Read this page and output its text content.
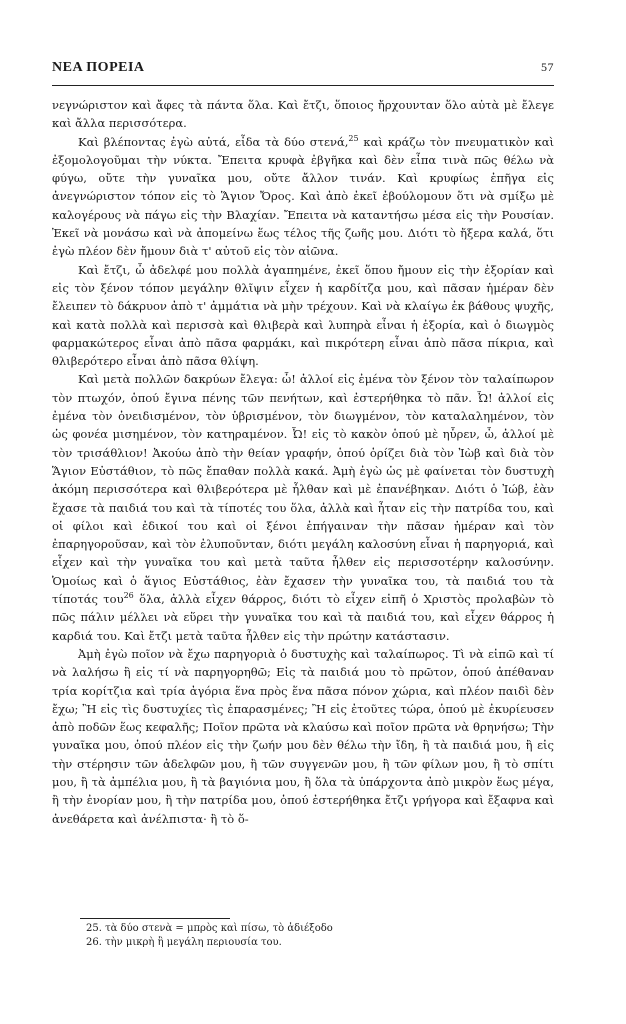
ΝΕΑ ΠΟΡΕΙΑ	57

νεγνώριστον καὶ ἄφες τὰ πάντα ὅλα. Καὶ ἔτζι, ὅποιος ἤρχουνταν ὅλο αὐτὰ μὲ ἔλεγε καὶ ἄλλα περισσότερα.

Καὶ βλέποντας ἐγὼ αὐτά, εἶδα τὰ δύο στενά,$^{25}$ καὶ κράζω τὸν πνευματικὸν καὶ ἐξομολογοῦμαι τὴν νύκτα. Ἔπειτα κρυφὰ ἐβγῆκα καὶ δὲν εἶπα τινὰ πῶς θέλω νὰ φύγω, οὔτε τὴν γυναῖκα μου, οὔτε ἄλλον τινάν. Καὶ κρυφίως ἐπῆγα εἰς ἀνεγνώριστον τόπον εἰς τὸ Ἅγιον Ὄρος. Καὶ ἀπὸ ἐκεῖ ἐβούλομουν ὅτι νὰ σμίξω μὲ καλογέρους νὰ πάγω εἰς τὴν Βλαχίαν. Ἔπειτα νὰ καταντήσω μέσα εἰς τὴν Ρουσίαν. Ἐκεῖ νὰ μονάσω καὶ νὰ ἀπομείνω ἕως τέλος τῆς ζωῆς μου. Διότι τὸ ἤξερα καλά, ὅτι ἐγὼ πλέον δὲν ἤμουν διὰ τ' αὐτοῦ εἰς τὸν αἰῶνα.

Καὶ ἔτζι, ὦ ἀδελφέ μου πολλὰ ἀγαπημένε, ἐκεῖ ὅπου ἤμουν εἰς τὴν ἐξορίαν καὶ εἰς τὸν ξένον τόπον μεγάλην θλῖψιν εἶχεν ἡ καρδίτζα μου, καὶ πᾶσαν ἡμέραν δὲν ἔλειπεν τὸ δάκρυον ἀπὸ τ' ἀμμάτια νὰ μὴν τρέχουν. Καὶ νὰ κλαίγω ἐκ βάθους ψυχῆς, καὶ κατὰ πολλὰ καὶ περισσὰ καὶ θλιβερὰ καὶ λυπηρὰ εἶναι ἡ ἐξορία, καὶ ὁ διωγμὸς φαρμακώτερος εἶναι ἀπὸ πᾶσα φαρμάκι, καὶ πικρότερη εἶναι ἀπὸ πᾶσα πίκρια, καὶ θλιβερότερο εἶναι ἀπὸ πᾶσα θλίψη.

Καὶ μετὰ πολλῶν δακρύων ἔλεγα: ὦ! ἀλλοί εἰς ἐμένα τὸν ξένον τὸν ταλαίπωρον τὸν πτωχόν, ὁπού ἔγινα πένης τῶν πενήτων, καὶ ἐστερήθηκα τὸ πᾶν. Ὦ! ἀλλοί εἰς ἐμένα τὸν ὀνειδισμένον, τὸν ὑβρισμένον, τὸν διωγμένον, τὸν καταλαλημένον, τὸν ὡς φονέα μισημένον, τὸν κατηραμένον. Ὦ! εἰς τὸ κακὸν ὁπού μὲ ηὗρεν, ὦ, ἀλλοί μὲ τὸν τρισάθλιον! Ἀκούω ἀπὸ τὴν θείαν γραφήν, ὁπού ὁρίζει διὰ τὸν Ἰὼβ καὶ διὰ τὸν Ἅγιον Εὐστάθιον, τὸ πῶς ἔπαθαν πολλὰ κακά. Ἀμὴ ἐγὼ ὡς μὲ φαίνεται τὸν δυστυχὴ ἀκόμη περισσότερα καὶ θλιβερότερα μὲ ἦλθαν καὶ μὲ ἐπανέβηκαν. Διότι ὁ Ἰώβ, ἐὰν ἔχασε τὰ παιδιά του καὶ τὰ τίποτές του ὅλα, ἀλλὰ καὶ ἦταν εἰς τὴν πατρίδα του, καὶ οἱ φίλοι καὶ ἐδικοί του καὶ οἱ ξένοι ἐπήγαιναν τὴν πᾶσαν ἡμέραν καὶ τὸν ἐπαρηγοροῦσαν, καὶ τὸν ἐλυποῦνταν, διότι μεγάλη καλοσύνη εἶναι ἡ παρηγοριά, καὶ εἶχεν καὶ τὴν γυναῖκα του καὶ μετὰ ταῦτα ἦλθεν εἰς περισσοτέρην καλοσύνην. Ὁμοίως καὶ ὁ ἅγιος Εὐστάθιος, ἐὰν ἔχασεν τὴν γυναῖκα του, τὰ παιδιά του τὰ τίποτάς του$^{26}$ ὅλα, ἀλλὰ εἶχεν θάρρος, διότι τὸ εἶχεν εἰπῆ ὁ Χριστὸς προλαβὼν τὸ πῶς πάλιν μέλλει νὰ εὕρει τὴν γυναῖκα του καὶ τὰ παιδιά του, καὶ εἶχεν θάρρος ἡ καρδιά του. Καὶ ἔτζι μετὰ ταῦτα ἦλθεν εἰς τὴν πρώτην κατάστασιν.

Ἀμὴ ἐγὼ ποῖον νὰ ἔχω παρηγοριὰ ὁ δυστυχὴς καὶ ταλαίπωρος. Τὶ νὰ εἰπῶ καὶ τί νὰ λαλήσω ἢ εἰς τί νὰ παρηγορηθῶ; Εἰς τὰ παιδιά μου τὸ πρῶτον, ὁπού ἀπέθαναν τρία κορίτζια καὶ τρία ἀγόρια ἕνα πρὸς ἕνα πᾶσα πόνον χώρια, καὶ πλέον παιδὶ δὲν ἔχω; Ἢ εἰς τὶς δυστυχίες τὶς ἐπαρασμένες; Ἢ εἰς ἐτοῦτες τώρα, ὁπού μὲ ἐκυρίευσεν ἀπὸ ποδῶν ἕως κεφαλῆς; Ποῖον πρῶτα νὰ κλαύσω καὶ ποῖον πρῶτα νὰ θρηνήσω; Τὴν γυναῖκα μου, ὁπού πλέον εἰς τὴν ζωήν μου δὲν θέλω τὴν ἴδη, ἢ τὰ παιδιά μου, ἢ εἰς τὴν στέρησιν τῶν ἀδελφῶν μου, ἢ τῶν συγγενῶν μου, ἢ τῶν φίλων μου, ἢ τὸ σπίτι μου, ἢ τὰ ἀμπέλια μου, ἢ τὰ βαγιόνια μου, ἢ ὅλα τὰ ὑπάρχοντα ἀπὸ μικρὸν ἕως μέγα, ἢ τὴν ἐνορίαν μου, ἢ τὴν πατρίδα μου, ὁπού ἐστερήθηκα ἔτζι γρήγορα καὶ ἔξαφνα καὶ ἀνεθάρετα καὶ ἀνέλπιστα· ἢ τὸ ὅ-

25. τὰ δύο στενὰ = μπρὸς καὶ πίσω, τὸ ἀδιέξοδο
26. τὴν μικρὴ ἢ μεγάλη περιουσία του.
